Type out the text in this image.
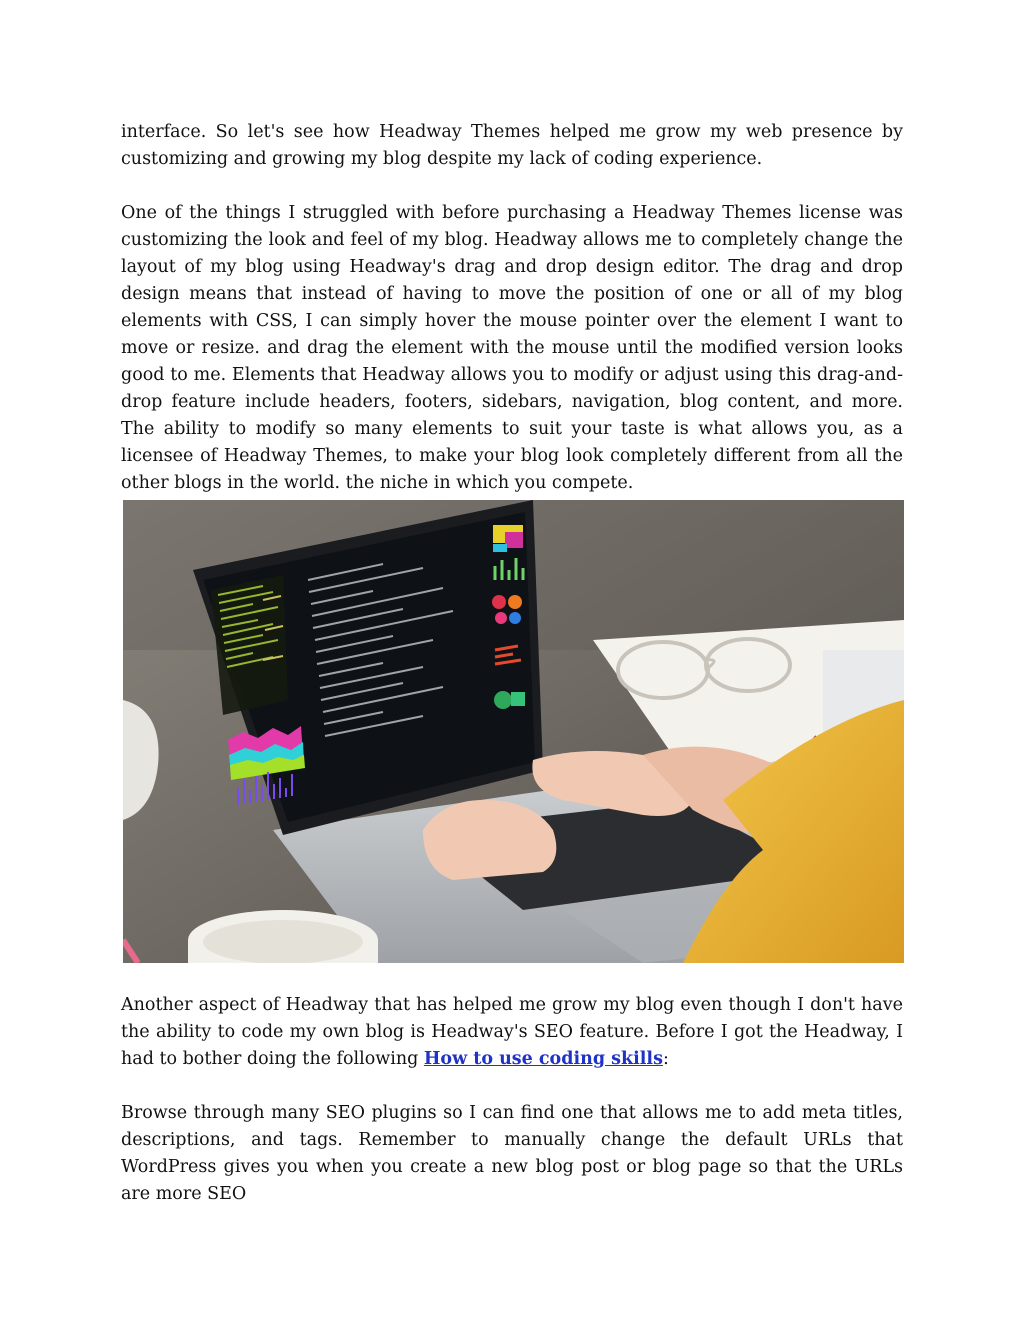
interface. So let's see how Headway Themes helped me grow my web presence by customizing and growing my blog despite my lack of coding experience.

One of the things I struggled with before purchasing a Headway Themes license was customizing the look and feel of my blog. Headway allows me to completely change the layout of my blog using Headway's drag and drop design editor. The drag and drop design means that instead of having to move the position of one or all of my blog elements with CSS, I can simply hover the mouse pointer over the element I want to move or resize. and drag the element with the mouse until the modified version looks good to me. Elements that Headway allows you to modify or adjust using this drag-and-drop feature include headers, footers, sidebars, navigation, blog content, and more. The ability to modify so many elements to suit your taste is what allows you, as a licensee of Headway Themes, to make your blog look completely different from all the other blogs in the world. the niche in which you compete.

Another aspect of Headway that has helped me grow my blog even though I don't have the ability to code my own blog is Headway's SEO feature. Before I got the Headway, I had to bother doing the following How to use coding skills:

Browse through many SEO plugins so I can find one that allows me to add meta titles, descriptions, and tags. Remember to manually change the default URLs that WordPress gives you when you create a new blog post or blog page so that the URLs are more SEO
